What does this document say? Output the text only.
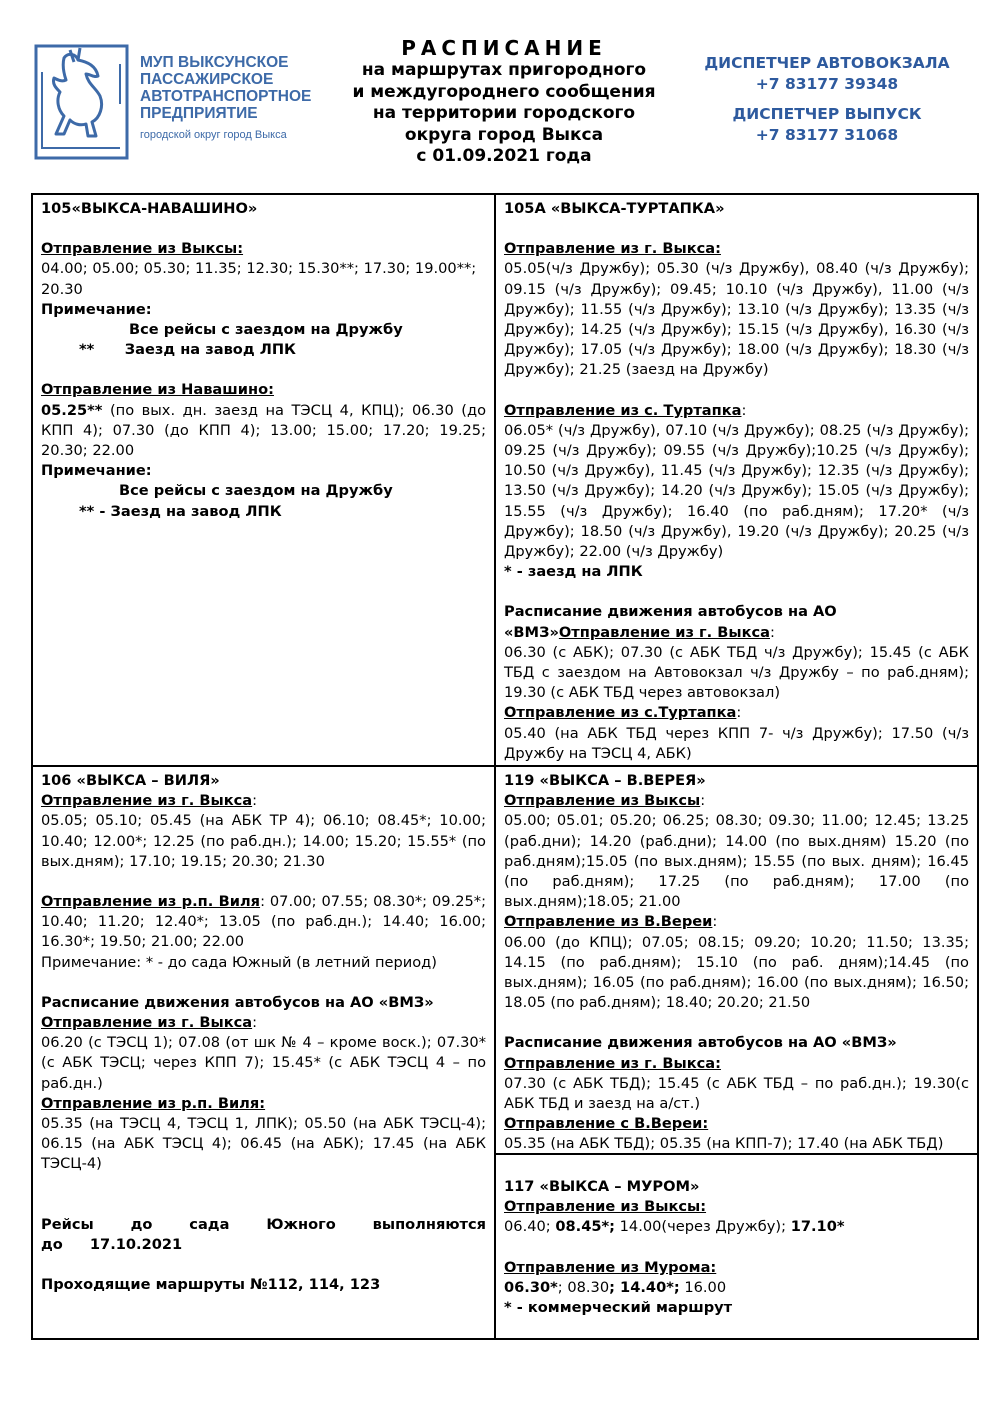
МУП ВЫКСУНСКОЕ
ПАССАЖИРСКОЕ
АВТОТРАНСПОРТНОЕ
ПРЕДПРИЯТИЕ
городской округ город Выкса
РАСПИСАНИЕ
на маршрутах пригородного
и междугороднего сообщения
на территории городского
округа город Выкса
с 01.09.2021 года
ДИСПЕТЧЕР АВТОВОКЗАЛА
+7 83177 39348
ДИСПЕТЧЕР ВЫПУСК
+7 83177 31068

105«ВЫКСА-НАВАШИНО»

Отправление из Выксы:

04.00; 05.00; 05.30; 11.35; 12.30; 15.30**; 17.30; 19.00**; 20.30

Примечание:

Все рейсы с заездом на Дружбу

** Заезд на завод ЛПК

Отправление из Навашино:

05.25** (по вых. дн. заезд на ТЭСЦ 4, КПЦ); 06.30 (до КПП 4); 07.30 (до КПП 4); 13.00; 15.00; 17.20; 19.25; 20.30; 22.00

Примечание:

Все рейсы с заездом на Дружбу

** - Заезд на завод ЛПК

105А «ВЫКСА-ТУРТАПКА»

Отправление из г. Выкса:

05.05(ч/з Дружбу); 05.30 (ч/з Дружбу), 08.40 (ч/з Дружбу); 09.15 (ч/з Дружбу); 09.45; 10.10 (ч/з Дружбу), 11.00 (ч/з Дружбу); 11.55 (ч/з Дружбу); 13.10 (ч/з Дружбу); 13.35 (ч/з Дружбу); 14.25 (ч/з Дружбу); 15.15 (ч/з Дружбу), 16.30 (ч/з Дружбу); 17.05 (ч/з Дружбу); 18.00 (ч/з Дружбу); 18.30 (ч/з Дружбу); 21.25 (заезд на Дружбу)

Отправление из с. Туртапка:

06.05* (ч/з Дружбу), 07.10 (ч/з Дружбу); 08.25 (ч/з Дружбу); 09.25 (ч/з Дружбу); 09.55 (ч/з Дружбу);10.25 (ч/з Дружбу); 10.50 (ч/з Дружбу), 11.45 (ч/з Дружбу); 12.35 (ч/з Дружбу); 13.50 (ч/з Дружбу); 14.20 (ч/з Дружбу); 15.05 (ч/з Дружбу); 15.55 (ч/з Дружбу); 16.40 (по раб.дням); 17.20* (ч/з Дружбу); 18.50 (ч/з Дружбу), 19.20 (ч/з Дружбу); 20.25 (ч/з Дружбу); 22.00 (ч/з Дружбу)

* - заезд на ЛПК

Расписание движения автобусов на АО

«ВМЗ»Отправление из г. Выкса:

06.30 (с АБК); 07.30 (с АБК ТБД ч/з Дружбу); 15.45 (с АБК ТБД с заездом на Автовокзал ч/з Дружбу – по раб.дням); 19.30 (с АБК ТБД через автовокзал)

Отправление из с.Туртапка:

05.40 (на АБК ТБД через КПП 7- ч/з Дружбу); 17.50 (ч/з Дружбу на ТЭСЦ 4, АБК)

106 «ВЫКСА – ВИЛЯ»

Отправление из г. Выкса:

05.05; 05.10; 05.45 (на АБК ТР 4); 06.10; 08.45*; 10.00; 10.40; 12.00*; 12.25 (по раб.дн.); 14.00; 15.20; 15.55* (по вых.дням); 17.10; 19.15; 20.30; 21.30

Отправление из р.п. Виля: 07.00; 07.55; 08.30*; 09.25*; 10.40; 11.20; 12.40*; 13.05 (по раб.дн.); 14.40; 16.00; 16.30*; 19.50; 21.00; 22.00

Примечание: * - до сада Южный (в летний период)

Расписание движения автобусов на АО «ВМЗ»

Отправление из г. Выкса:

06.20 (с ТЭСЦ 1); 07.08 (от шк № 4 – кроме воск.); 07.30* (с АБК ТЭСЦ; через КПП 7); 15.45* (с АБК ТЭСЦ 4 – по раб.дн.)

Отправление из р.п. Виля:

05.35 (на ТЭСЦ 4, ТЭСЦ 1, ЛПК); 05.50 (на АБК ТЭСЦ-4); 06.15 (на АБК ТЭСЦ 4); 06.45 (на АБК); 17.45 (на АБК ТЭСЦ-4)

Рейсы до сада Южного выполняются до 17.10.2021

Проходящие маршруты №112, 114, 123

119 «ВЫКСА – В.ВЕРЕЯ»

Отправление из Выксы:

05.00; 05.01; 05.20; 06.25; 08.30; 09.30; 11.00; 12.45; 13.25 (раб.дни); 14.20 (раб.дни); 14.00 (по вых.дням) 15.20 (по раб.дням);15.05 (по вых.дням); 15.55 (по вых. дням); 16.45 (по раб.дням); 17.25 (по раб.дням); 17.00 (по вых.дням);18.05; 21.00

Отправление из В.Вереи:

06.00 (до КПЦ); 07.05; 08.15; 09.20; 10.20; 11.50; 13.35; 14.15 (по раб.дням); 15.10 (по раб. дням);14.45 (по вых.дням); 16.05 (по раб.дням); 16.00 (по вых.дням); 16.50; 18.05 (по раб.дням); 18.40; 20.20; 21.50

Расписание движения автобусов на АО «ВМЗ»

Отправление из г. Выкса:

07.30 (с АБК ТБД); 15.45 (с АБК ТБД – по раб.дн.); 19.30(с АБК ТБД и заезд на а/ст.)

Отправление с В.Вереи:

05.35 (на АБК ТБД); 05.35 (на КПП-7); 17.40 (на АБК ТБД)

117 «ВЫКСА – МУРОМ»

Отправление из Выксы:

06.40; 08.45*; 14.00(через Дружбу); 17.10*

Отправление из Мурома:

06.30*; 08.30; 14.40*; 16.00

* - коммерческий маршрут
